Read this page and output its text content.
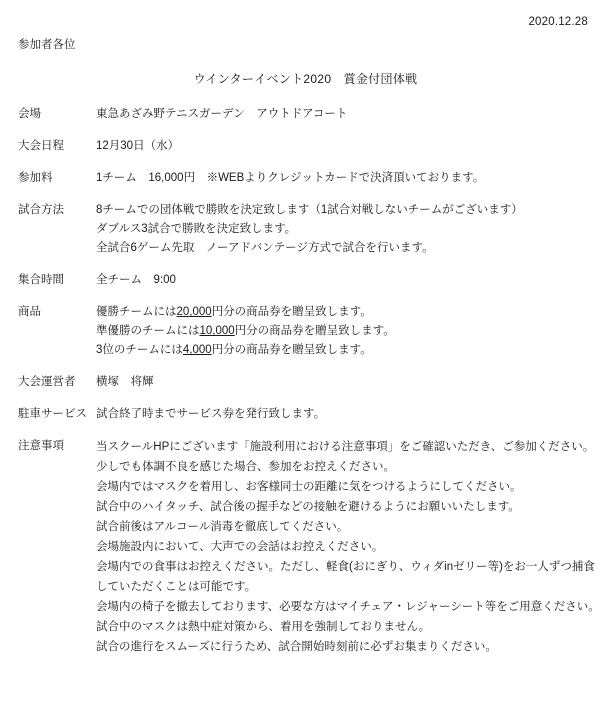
2020.12.28
参加者各位
ウインターイベント2020　賞金付団体戦
会場	東急あざみ野テニスガーデン　アウトドアコート
大会日程	12月30日（水）
参加料	1チーム　16,000円　※WEBよりクレジットカードで決済頂いております。
試合方法	8チームでの団体戦で勝敗を決定致します（1試合対戦しないチームがございます）
ダブルス3試合で勝敗を決定致します。
全試合6ゲーム先取　ノーアドバンテージ方式で試合を行います。
集合時間	全チーム　9:00
商品	優勝チームには20,000円分の商品券を贈呈致します。
準優勝のチームには10,000円分の商品券を贈呈致します。
3位のチームには4,000円分の商品券を贈呈致します。
大会運営者	横塚　将輝
駐車サービス 試合終了時までサービス券を発行致します。
注意事項	当スクールHPにございます「施設利用における注意事項」をご確認いただき、ご参加ください。
少しでも体調不良を感じた場合、参加をお控えください。
会場内ではマスクを着用し、お客様同士の距離に気をつけるようにしてください。
試合中のハイタッチ、試合後の握手などの接触を避けるようにお願いいたします。
試合前後はアルコール消毒を徹底してください。
会場施設内において、大声での会話はお控えください。
会場内での食事はお控えください。ただし、軽食(おにぎり、ウィダinゼリー等)をお一人ずつ捕食
していただくことは可能です。
会場内の椅子を撤去しております、必要な方はマイチェア・レジャーシート等をご用意ください。
試合中のマスクは熱中症対策から、着用を強制しておりません。
試合の進行をスムーズに行うため、試合開始時刻前に必ずお集まりください。
